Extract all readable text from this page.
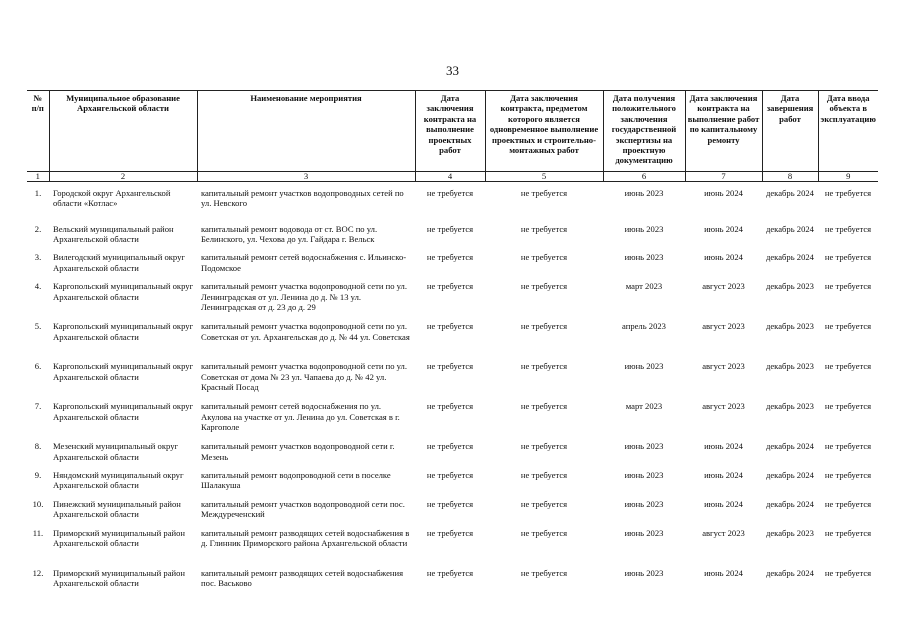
33
№ п/п	Муниципальное образование Архангельской области	Наименование мероприятия	Дата заключения контракта на выполнение проектных работ	Дата заключения контракта, предметом которого является одновременное выполнение проектных и строительно-монтажных работ	Дата получения положительного заключения государственной экспертизы на проектную документацию	Дата заключения контракта на выполнение работ по капитальному ремонту	Дата завершения работ	Дата ввода объекта в эксплуатацию
1	2	3	4	5	6	7	8	9
1.	Городской округ Архангельской области «Котлас»	капитальный ремонт участков водопроводных сетей по ул. Невского	не требуется	не требуется	июнь 2023	июнь 2024	декабрь 2024	не требуется
2.	Вельский муниципальный район Архангельской области	капитальный ремонт водовода от ст. ВОС по ул. Белинского, ул. Чехова до ул. Гайдара г. Вельск	не требуется	не требуется	июнь 2023	июнь 2024	декабрь 2024	не требуется
3.	Вилегодский муниципальный округ Архангельской области	капитальный ремонт сетей водоснабжения с. Ильинско-Подомское	не требуется	не требуется	июнь 2023	июнь 2024	декабрь 2024	не требуется
4.	Каргопольский муниципальный округ Архангельской области	капитальный ремонт участка водопроводной сети по ул. Ленинградская от ул. Ленина до д. № 13 ул. Ленинградская от д. 23 до д. 29	не требуется	не требуется	март 2023	август 2023	декабрь 2023	не требуется
5.	Каргопольский муниципальный округ Архангельской области	капитальный ремонт участка водопроводной сети по ул. Советская от ул. Архангельская до д. № 44 ул. Советская	не требуется	не требуется	апрель 2023	август 2023	декабрь 2023	не требуется
6.	Каргопольский муниципальный округ Архангельской области	капитальный ремонт участка водопроводной сети по ул. Советская от дома № 23 ул. Чапаева до д. № 42 ул. Красный Посад	не требуется	не требуется	июнь 2023	август 2023	декабрь 2023	не требуется
7.	Каргопольский муниципальный округ Архангельской области	капитальный ремонт сетей водоснабжения по ул. Акулова на участке от ул. Ленина до ул. Советская в г. Каргополе	не требуется	не требуется	март 2023	август 2023	декабрь 2023	не требуется
8.	Мезенский муниципальный округ Архангельской области	капитальный ремонт участков водопроводной сети г. Мезень	не требуется	не требуется	июнь 2023	июнь 2024	декабрь 2024	не требуется
9.	Няндомский муниципальный округ Архангельской области	капитальный ремонт водопроводной сети в поселке Шалакуша	не требуется	не требуется	июнь 2023	июнь 2024	декабрь 2024	не требуется
10.	Пинежский муниципальный район Архангельской области	капитальный ремонт участков водопроводной сети пос. Междуреченский	не требуется	не требуется	июнь 2023	июнь 2024	декабрь 2024	не требуется
11.	Приморский муниципальный район Архангельской области	капитальный ремонт разводящих сетей водоснабжения в д. Глинник Приморского района Архангельской области	не требуется	не требуется	июнь 2023	август 2023	декабрь 2023	не требуется
12.	Приморский муниципальный район Архангельской области	капитальный ремонт разводящих сетей водоснабжения пос. Васьково	не требуется	не требуется	июнь 2023	июнь 2024	декабрь 2024	не требуется
